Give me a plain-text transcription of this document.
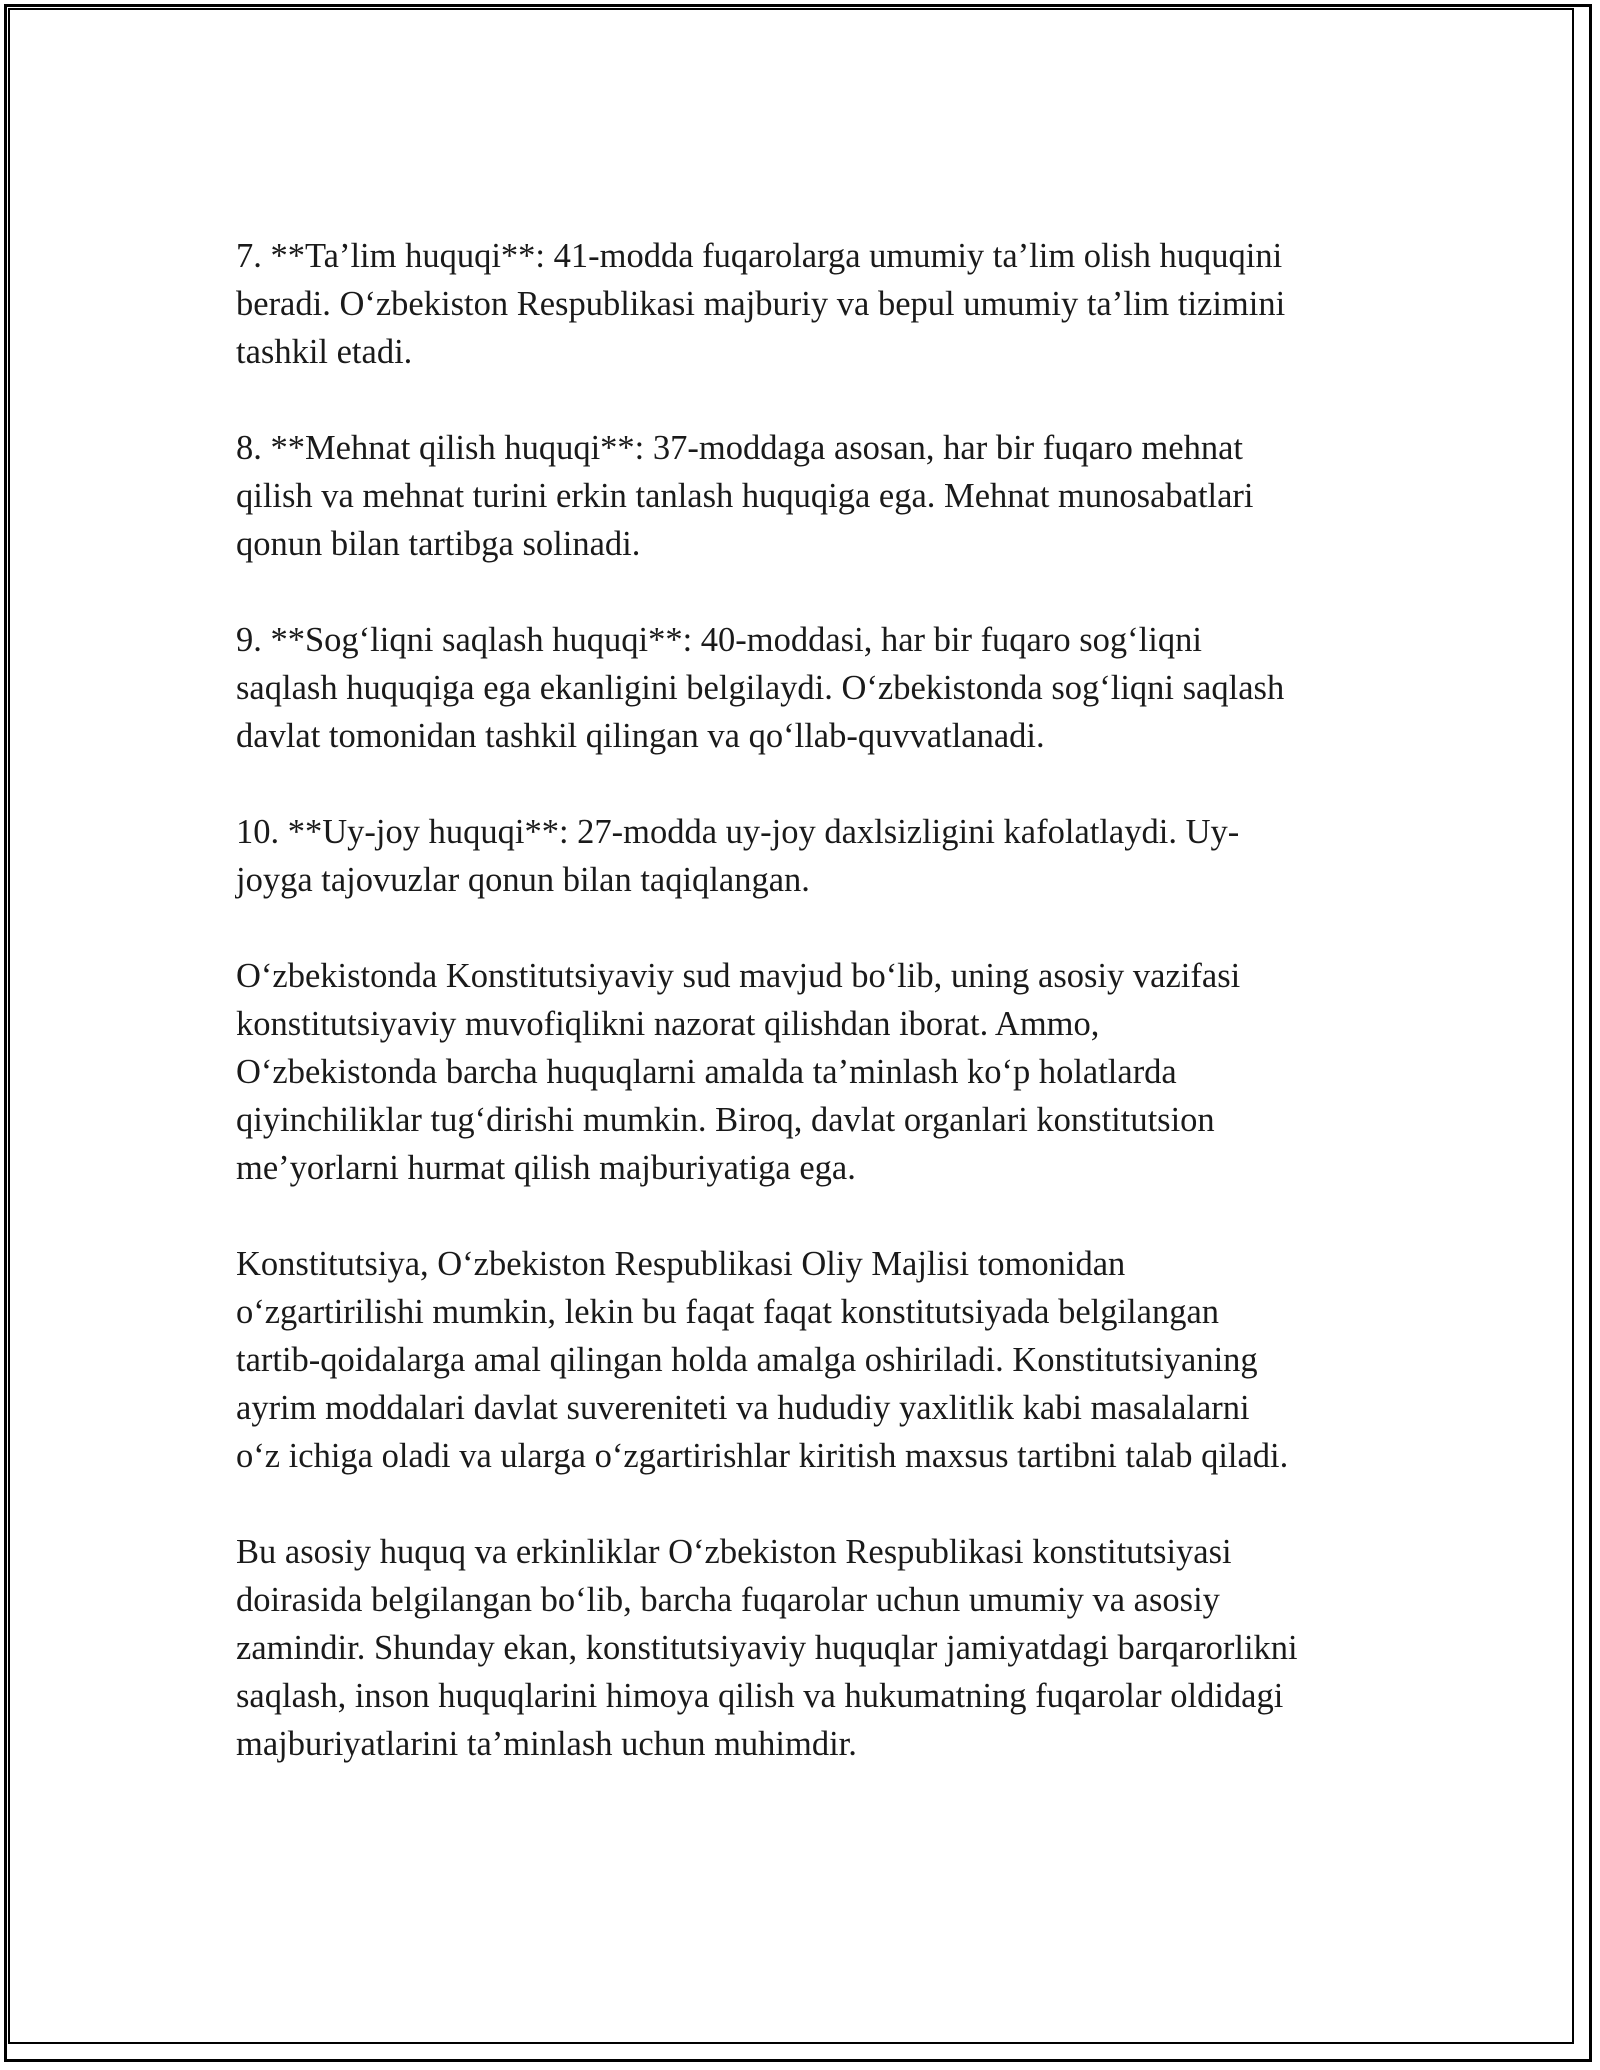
7. **Ta’lim huquqi**: 41-modda fuqarolarga umumiy ta’lim olish huquqini
beradi. O‘zbekiston Respublikasi majburiy va bepul umumiy ta’lim tizimini
tashkil etadi.

8. **Mehnat qilish huquqi**: 37-moddaga asosan, har bir fuqaro mehnat
qilish va mehnat turini erkin tanlash huquqiga ega. Mehnat munosabatlari
qonun bilan tartibga solinadi.

9. **Sog‘liqni saqlash huquqi**: 40-moddasi, har bir fuqaro sog‘liqni
saqlash huquqiga ega ekanligini belgilaydi. O‘zbekistonda sog‘liqni saqlash
davlat tomonidan tashkil qilingan va qo‘llab-quvvatlanadi.

10. **Uy-joy huquqi**: 27-modda uy-joy daxlsizligini kafolatlaydi. Uy-
joyga tajovuzlar qonun bilan taqiqlangan.

O‘zbekistonda Konstitutsiyaviy sud mavjud bo‘lib, uning asosiy vazifasi
konstitutsiyaviy muvofiqlikni nazorat qilishdan iborat. Ammo,
O‘zbekistonda barcha huquqlarni amalda ta’minlash ko‘p holatlarda
qiyinchiliklar tug‘dirishi mumkin. Biroq, davlat organlari konstitutsion
me’yorlarni hurmat qilish majburiyatiga ega.

Konstitutsiya, O‘zbekiston Respublikasi Oliy Majlisi tomonidan
o‘zgartirilishi mumkin, lekin bu faqat faqat konstitutsiyada belgilangan
tartib-qoidalarga amal qilingan holda amalga oshiriladi. Konstitutsiyaning
ayrim moddalari davlat suvereniteti va hududiy yaxlitlik kabi masalalarni
o‘z ichiga oladi va ularga o‘zgartirishlar kiritish maxsus tartibni talab qiladi.

Bu asosiy huquq va erkinliklar O‘zbekiston Respublikasi konstitutsiyasi
doirasida belgilangan bo‘lib, barcha fuqarolar uchun umumiy va asosiy
zamindir. Shunday ekan, konstitutsiyaviy huquqlar jamiyatdagi barqarorlikni
saqlash, inson huquqlarini himoya qilish va hukumatning fuqarolar oldidagi
majburiyatlarini ta’minlash uchun muhimdir.
